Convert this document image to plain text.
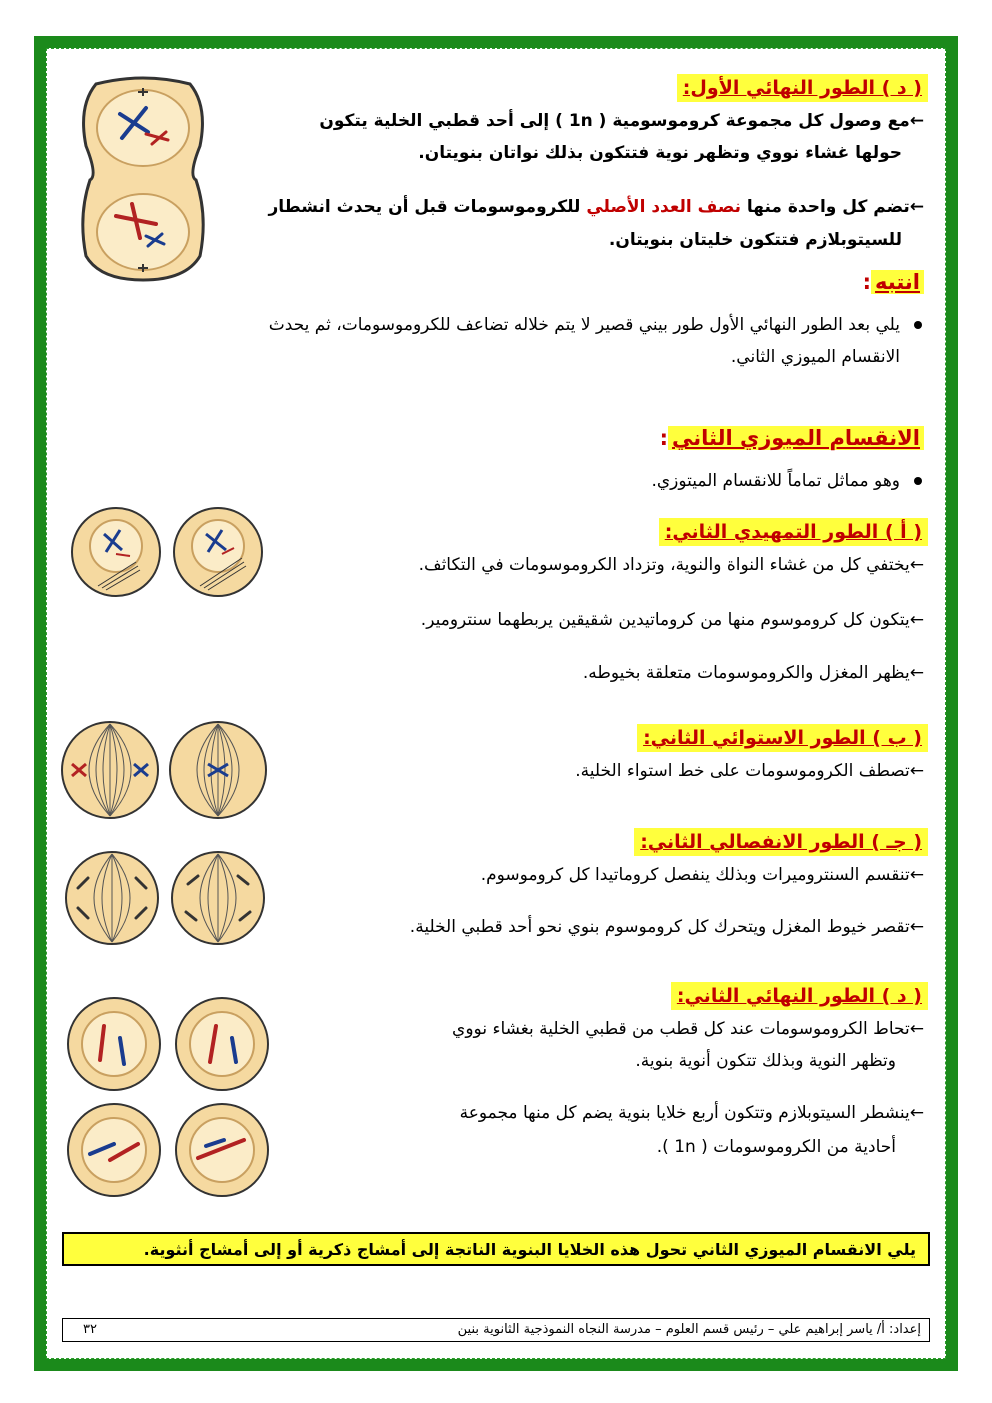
( د ) الطور النهائي الأول:
←مع وصول كل مجموعة كروموسومية ( 1n ) إلى أحد قطبي الخلية يتكون
حولها غشاء نووي وتظهر نوية فتتكون بذلك نواتان بنويتان.
←تضم كل واحدة منها نصف العدد الأصلي للكروموسومات قبل أن يحدث انشطار
للسيتوبلازم فتتكون خليتان بنويتان.
انتبه:
يلي بعد الطور النهائي الأول طور بيني قصير لا يتم خلاله تضاعف للكروموسومات، ثم يحدث
الانقسام الميوزي الثاني.
الانقسام الميوزي الثاني:
وهو مماثل تماماً للانقسام الميتوزي.
( أ ) الطور التمهيدي الثاني:
←يختفي كل من غشاء النواة والنوية، وتزداد الكروموسومات في التكاثف.
←يتكون كل كروموسوم منها من كروماتيدين شقيقين يربطهما سنترومير.
←يظهر المغزل والكروموسومات متعلقة بخيوطه.
( ب ) الطور الاستوائي الثاني:
←تصطف الكروموسومات على خط استواء الخلية.
( جـ ) الطور الانفصالي الثاني:
←تنقسم السنتروميرات وبذلك ينفصل كروماتيدا كل كروموسوم.
←تقصر خيوط المغزل ويتحرك كل كروموسوم بنوي نحو أحد قطبي الخلية.
( د ) الطور النهائي الثاني:
←تحاط الكروموسومات عند كل قطب من قطبي الخلية بغشاء نووي
وتظهر النوية وبذلك تتكون أنوية بنوية.
←ينشطر السيتوبلازم وتتكون أربع خلايا بنوية يضم كل منها مجموعة
أحادية من الكروموسومات ( 1n ).
يلي الانقسام الميوزي الثاني تحول هذه الخلايا البنوية الناتجة إلى أمشاج ذكرية أو إلى أمشاج أنثوية.
إعداد: أ/ ياسر إبراهيم علي – رئيس قسم العلوم – مدرسة النجاه النموذجية الثانوية بنين
٣٢
